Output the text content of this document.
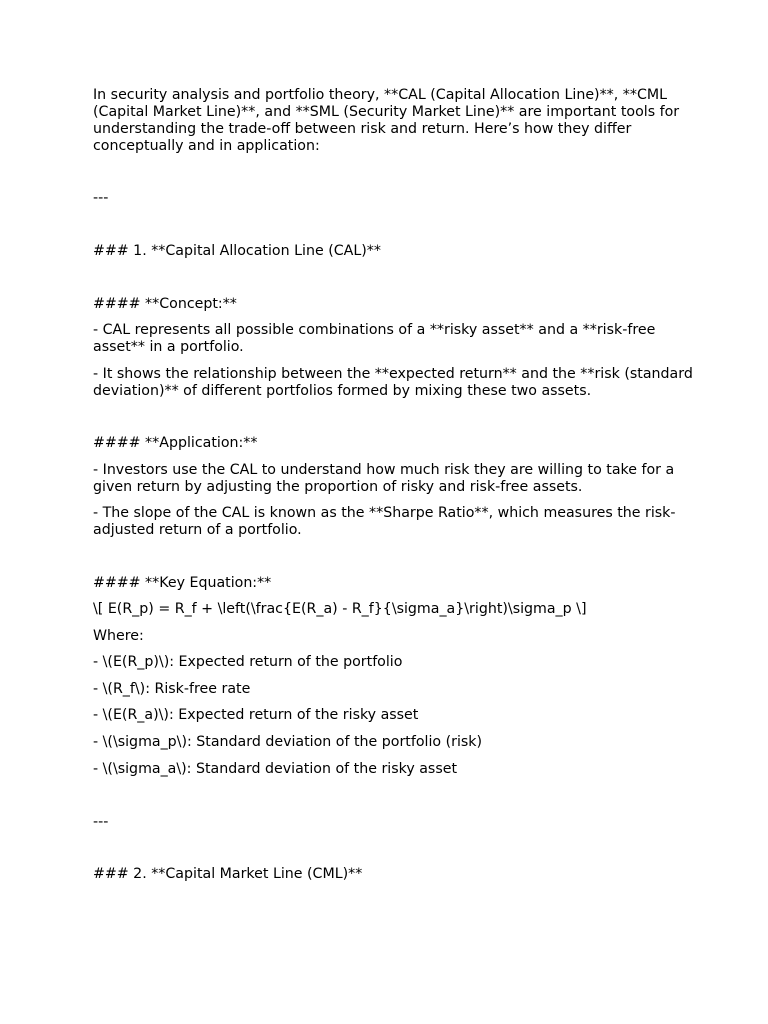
In security analysis and portfolio theory, **CAL (Capital Allocation Line)**, **CML (Capital Market Line)**, and **SML (Security Market Line)** are important tools for understanding the trade-off between risk and return. Here’s how they differ conceptually and in application:

---

### 1. **Capital Allocation Line (CAL)**

#### **Concept:**

- CAL represents all possible combinations of a **risky asset** and a **risk-free asset** in a portfolio.

- It shows the relationship between the **expected return** and the **risk (standard deviation)** of different portfolios formed by mixing these two assets.

#### **Application:**

- Investors use the CAL to understand how much risk they are willing to take for a given return by adjusting the proportion of risky and risk-free assets.

- The slope of the CAL is known as the **Sharpe Ratio**, which measures the risk-adjusted return of a portfolio.

#### **Key Equation:**

\[ E(R_p) = R_f + \left(\frac{E(R_a) - R_f}{\sigma_a}\right)\sigma_p \]

Where:

- \(E(R_p)\): Expected return of the portfolio

- \(R_f\): Risk-free rate

- \(E(R_a)\): Expected return of the risky asset

- \(\sigma_p\): Standard deviation of the portfolio (risk)

- \(\sigma_a\): Standard deviation of the risky asset

---

### 2. **Capital Market Line (CML)**
